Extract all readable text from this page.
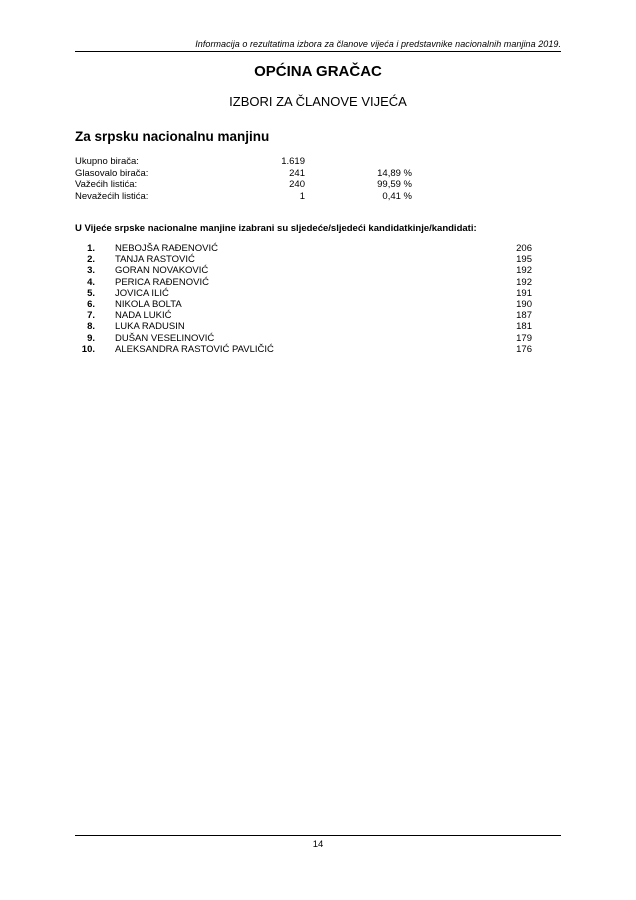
Informacija o rezultatima izbora za članove vijeća i predstavnike nacionalnih manjina 2019.
OPĆINA GRAČAC
IZBORI ZA ČLANOVE VIJEĆA
Za srpsku nacionalnu manjinu
Ukupno birača:	1.619
Glasovalo birača:	241	14,89 %
Važećih listića:	240	99,59 %
Nevažećih listića:	1	0,41 %
U Vijeće srpske nacionalne manjine izabrani su sljedeće/sljedeći kandidatkinje/kandidati:
1. NEBOJŠA RAĐENOVIĆ	206
2. TANJA RASTOVIĆ	195
3. GORAN NOVAKOVIĆ	192
4. PERICA RAĐENOVIĆ	192
5. JOVICA ILIĆ	191
6. NIKOLA BOLTA	190
7. NADA LUKIĆ	187
8. LUKA RADUSIN	181
9. DUŠAN VESELINOVIĆ	179
10. ALEKSANDRA RASTOVIĆ PAVLIČIĆ	176
14
